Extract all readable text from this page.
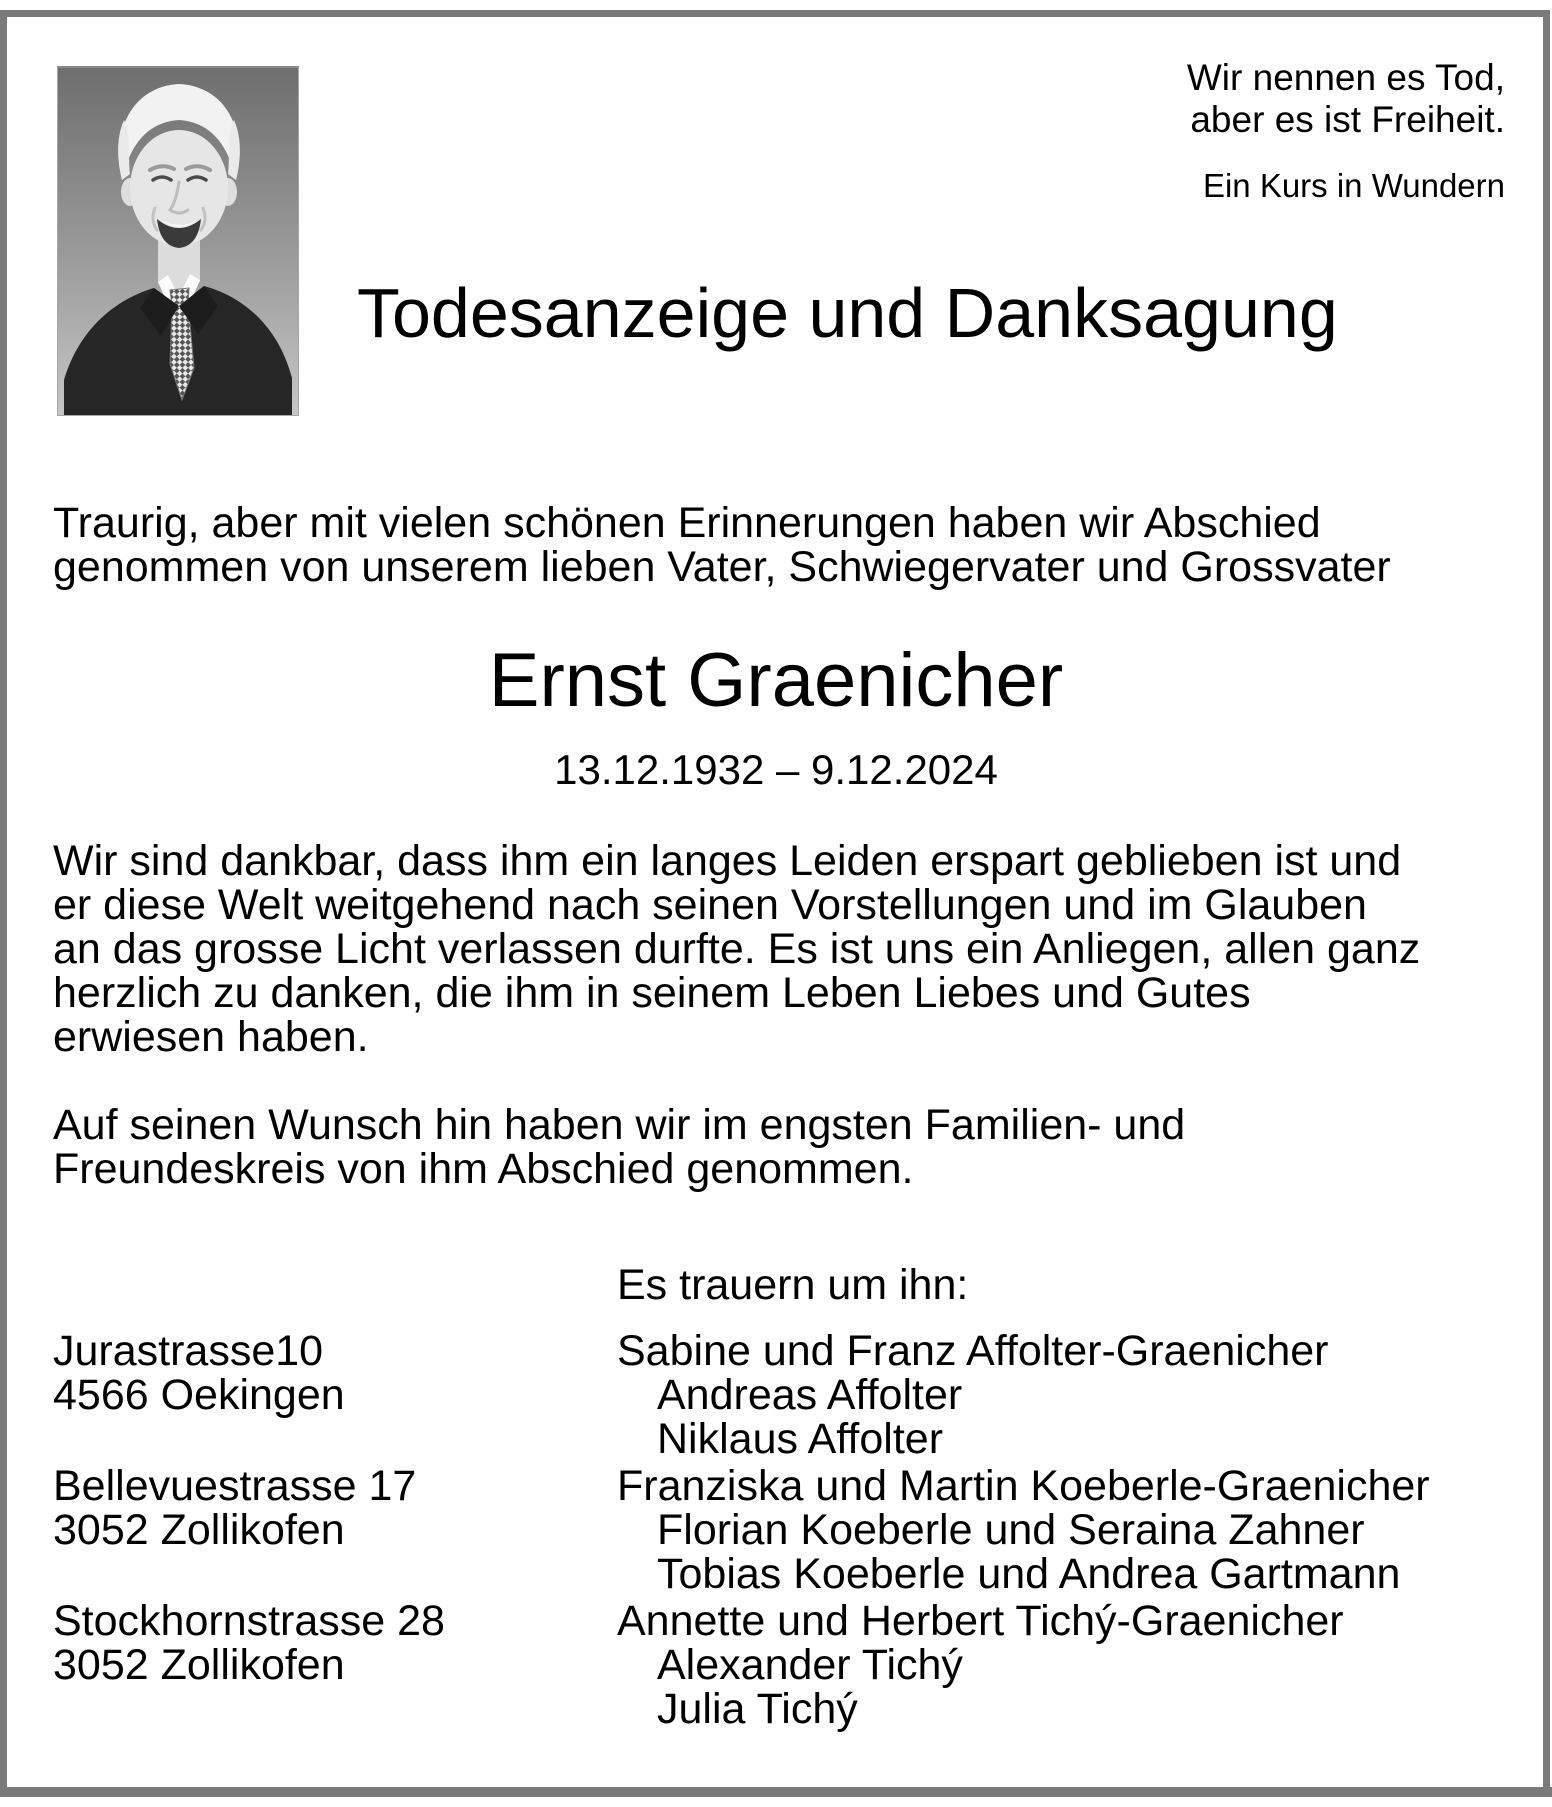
Wir nennen es Tod,
aber es ist Freiheit.
Ein Kurs in Wundern
Todesanzeige und Danksagung
Traurig, aber mit vielen schönen Erinnerungen haben wir Abschied
genommen von unserem lieben Vater, Schwiegervater und Grossvater
Ernst Graenicher
13.12.1932 – 9.12.2024
Wir sind dankbar, dass ihm ein langes Leiden erspart geblieben ist und
er diese Welt weitgehend nach seinen Vorstellungen und im Glauben
an das grosse Licht verlassen durfte. Es ist uns ein Anliegen, allen ganz
herzlich zu danken, die ihm in seinem Leben Liebes und Gutes
erwiesen haben.
Auf seinen Wunsch hin haben wir im engsten Familien- und
Freundeskreis von ihm Abschied genommen.
Es trauern um ihn:
Jurastrasse10
4566 Oekingen
Sabine und Franz Affolter-Graenicher
Andreas Affolter
Niklaus Affolter
Bellevuestrasse 17
3052 Zollikofen
Franziska und Martin Koeberle-Graenicher
Florian Koeberle und Seraina Zahner
Tobias Koeberle und Andrea Gartmann
Stockhornstrasse 28
3052 Zollikofen
Annette und Herbert Tichý-Graenicher
Alexander Tichý
Julia Tichý
